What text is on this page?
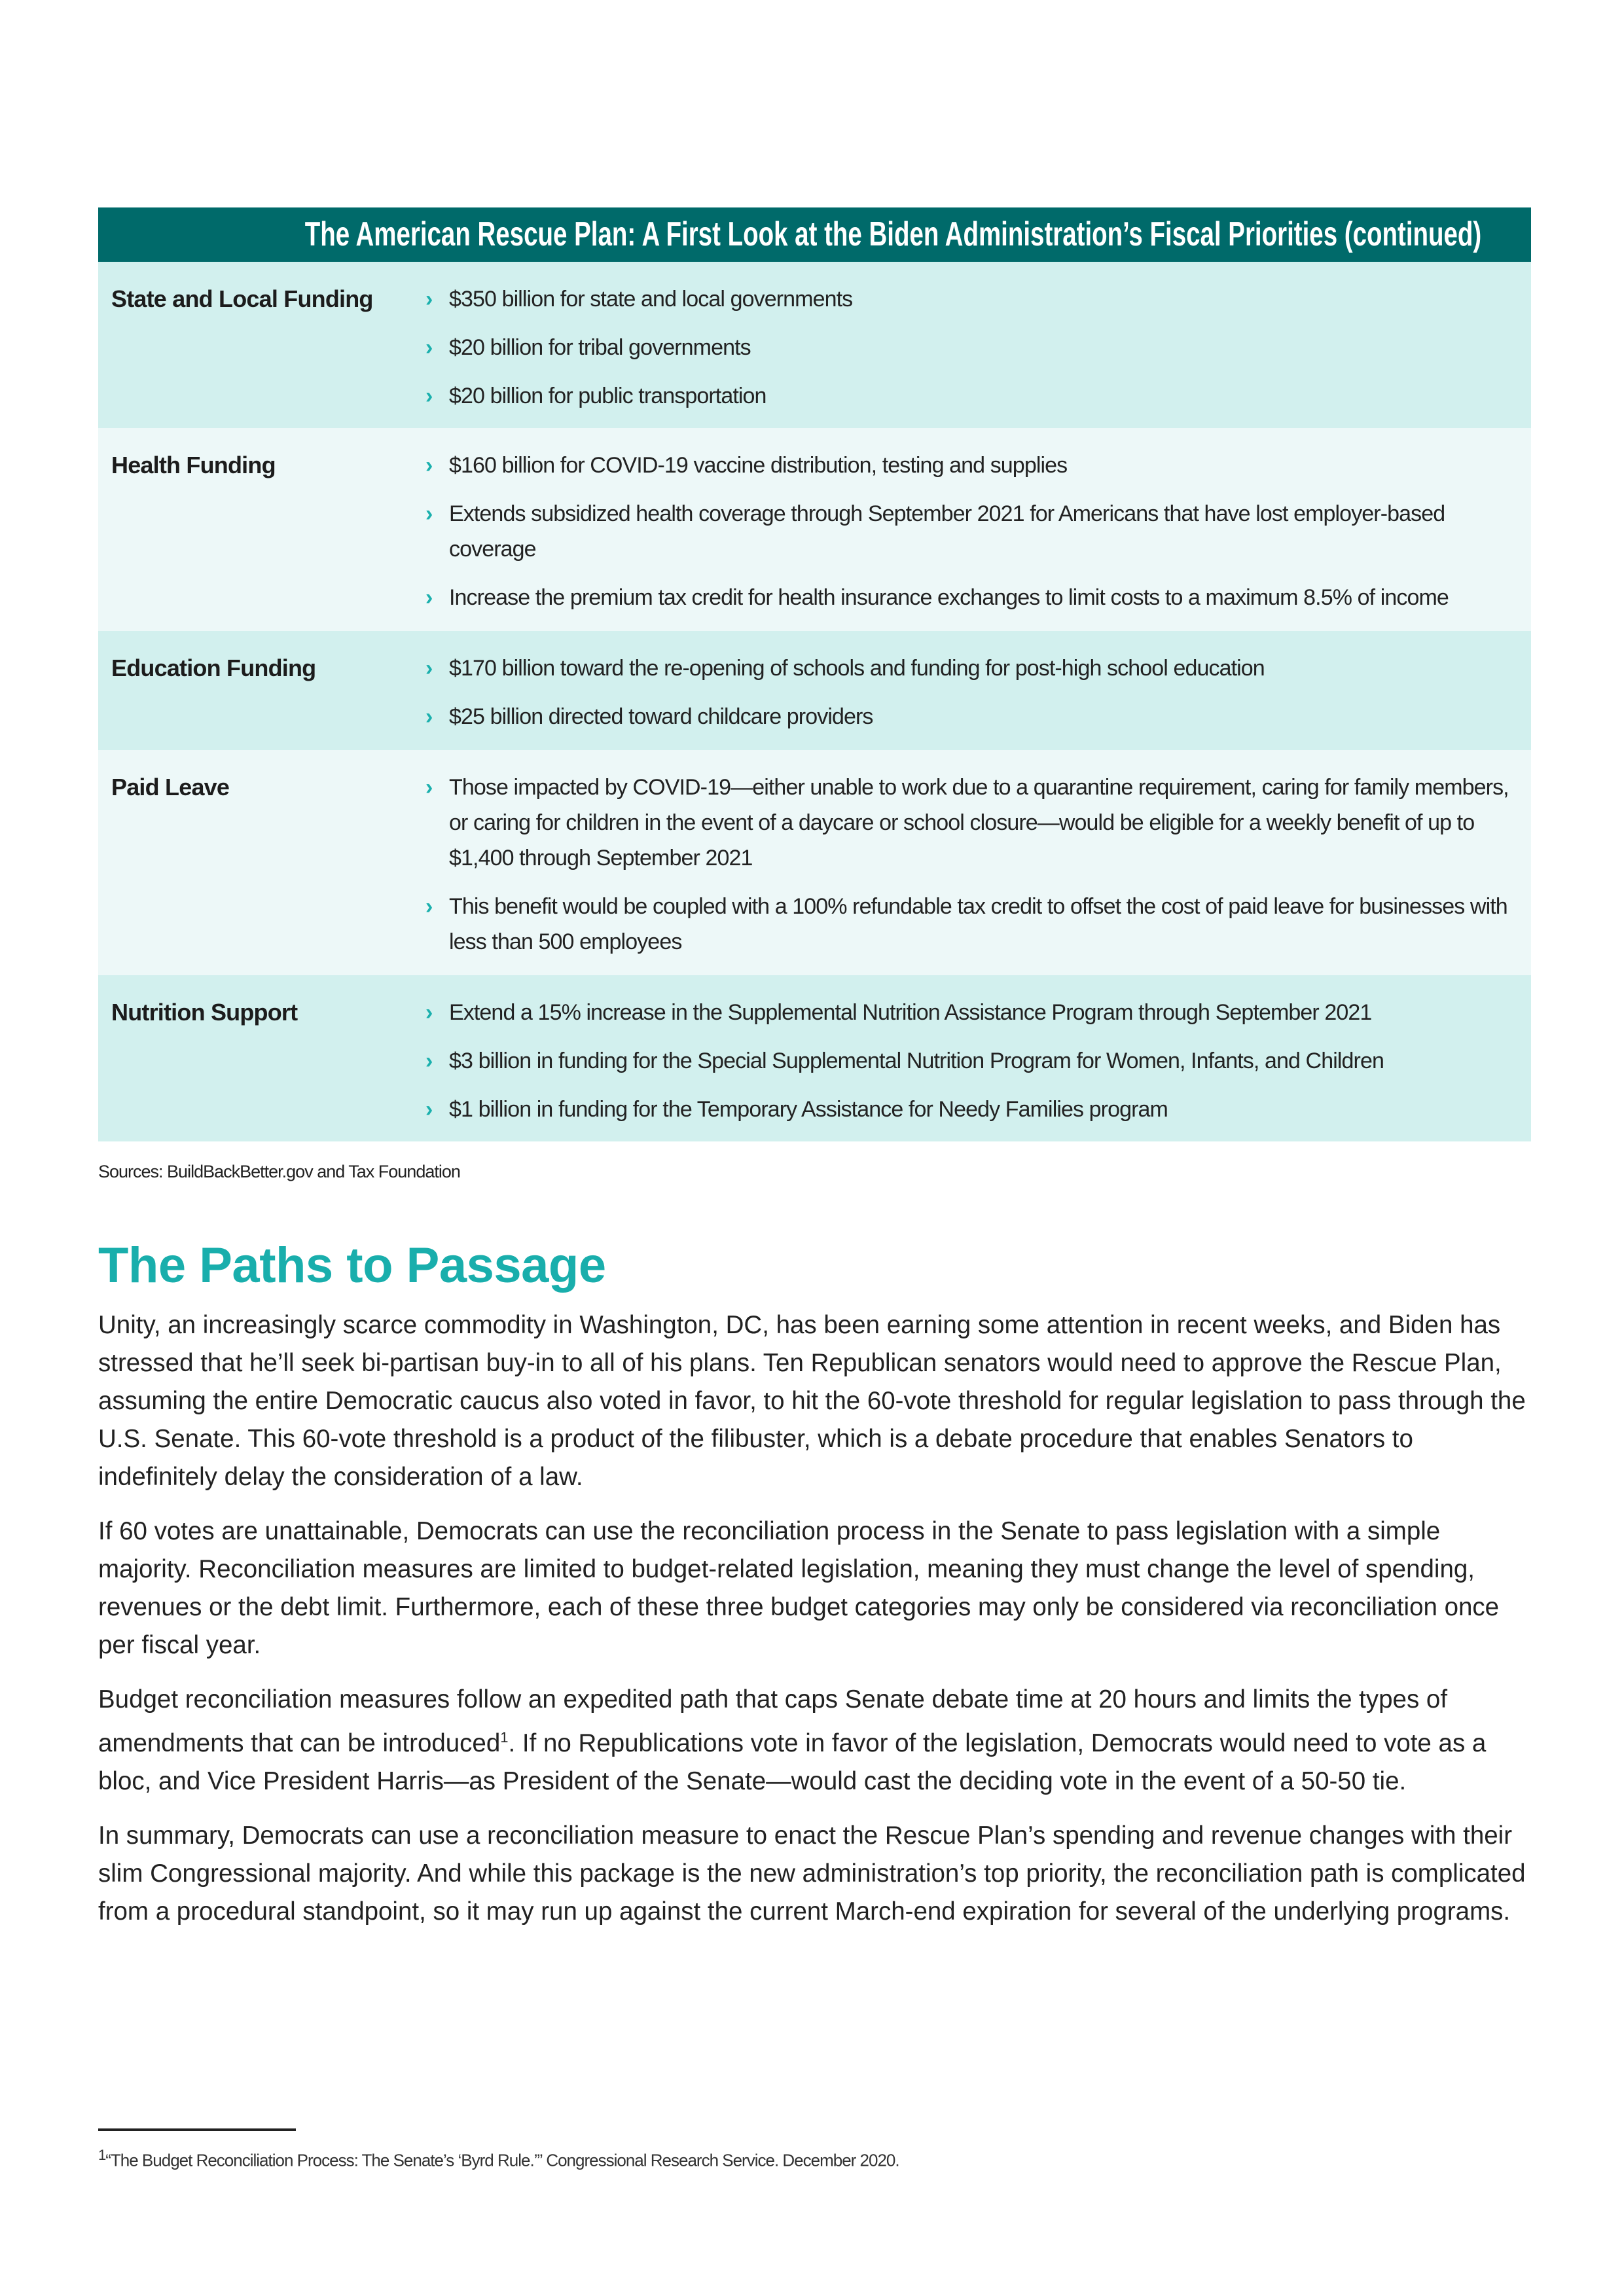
The American Rescue Plan: A First Look at the Biden Administration’s Fiscal Priorities (continued)
State and Local Funding	› $350 billion for state and local governments
› $20 billion for tribal governments
› $20 billion for public transportation
Health Funding	› $160 billion for COVID-19 vaccine distribution, testing and supplies
› Extends subsidized health coverage through September 2021 for Americans that have lost employer-based coverage
› Increase the premium tax credit for health insurance exchanges to limit costs to a maximum 8.5% of income
Education Funding	› $170 billion toward the re-opening of schools and funding for post-high school education
› $25 billion directed toward childcare providers
Paid Leave	› Those impacted by COVID-19—either unable to work due to a quarantine requirement, caring for family members, or caring for children in the event of a daycare or school closure—would be eligible for a weekly benefit of up to $1,400 through September 2021
› This benefit would be coupled with a 100% refundable tax credit to offset the cost of paid leave for businesses with less than 500 employees
Nutrition Support	› Extend a 15% increase in the Supplemental Nutrition Assistance Program through September 2021
› $3 billion in funding for the Special Supplemental Nutrition Program for Women, Infants, and Children
› $1 billion in funding for the Temporary Assistance for Needy Families program
Sources: BuildBackBetter.gov and Tax Foundation
The Paths to Passage

Unity, an increasingly scarce commodity in Washington, DC, has been earning some attention in recent weeks, and Biden has stressed that he’ll seek bi-partisan buy-in to all of his plans. Ten Republican senators would need to approve the Rescue Plan, assuming the entire Democratic caucus also voted in favor, to hit the 60-vote threshold for regular legislation to pass through the U.S. Senate. This 60-vote threshold is a product of the filibuster, which is a debate procedure that enables Senators to indefinitely delay the consideration of a law.

If 60 votes are unattainable, Democrats can use the reconciliation process in the Senate to pass legislation with a simple majority. Reconciliation measures are limited to budget-related legislation, meaning they must change the level of spending, revenues or the debt limit. Furthermore, each of these three budget categories may only be considered via reconciliation once per fiscal year.

Budget reconciliation measures follow an expedited path that caps Senate debate time at 20 hours and limits the types of amendments that can be introduced$^1$. If no Republications vote in favor of the legislation, Democrats would need to vote as a bloc, and Vice President Harris—as President of the Senate—would cast the deciding vote in the event of a 50-50 tie.

In summary, Democrats can use a reconciliation measure to enact the Rescue Plan’s spending and revenue changes with their slim Congressional majority. And while this package is the new administration’s top priority, the reconciliation path is complicated from a procedural standpoint, so it may run up against the current March-end expiration for several of the underlying programs.

$^1$“The Budget Reconciliation Process: The Senate’s ‘Byrd Rule.’” Congressional Research Service. December 2020.
